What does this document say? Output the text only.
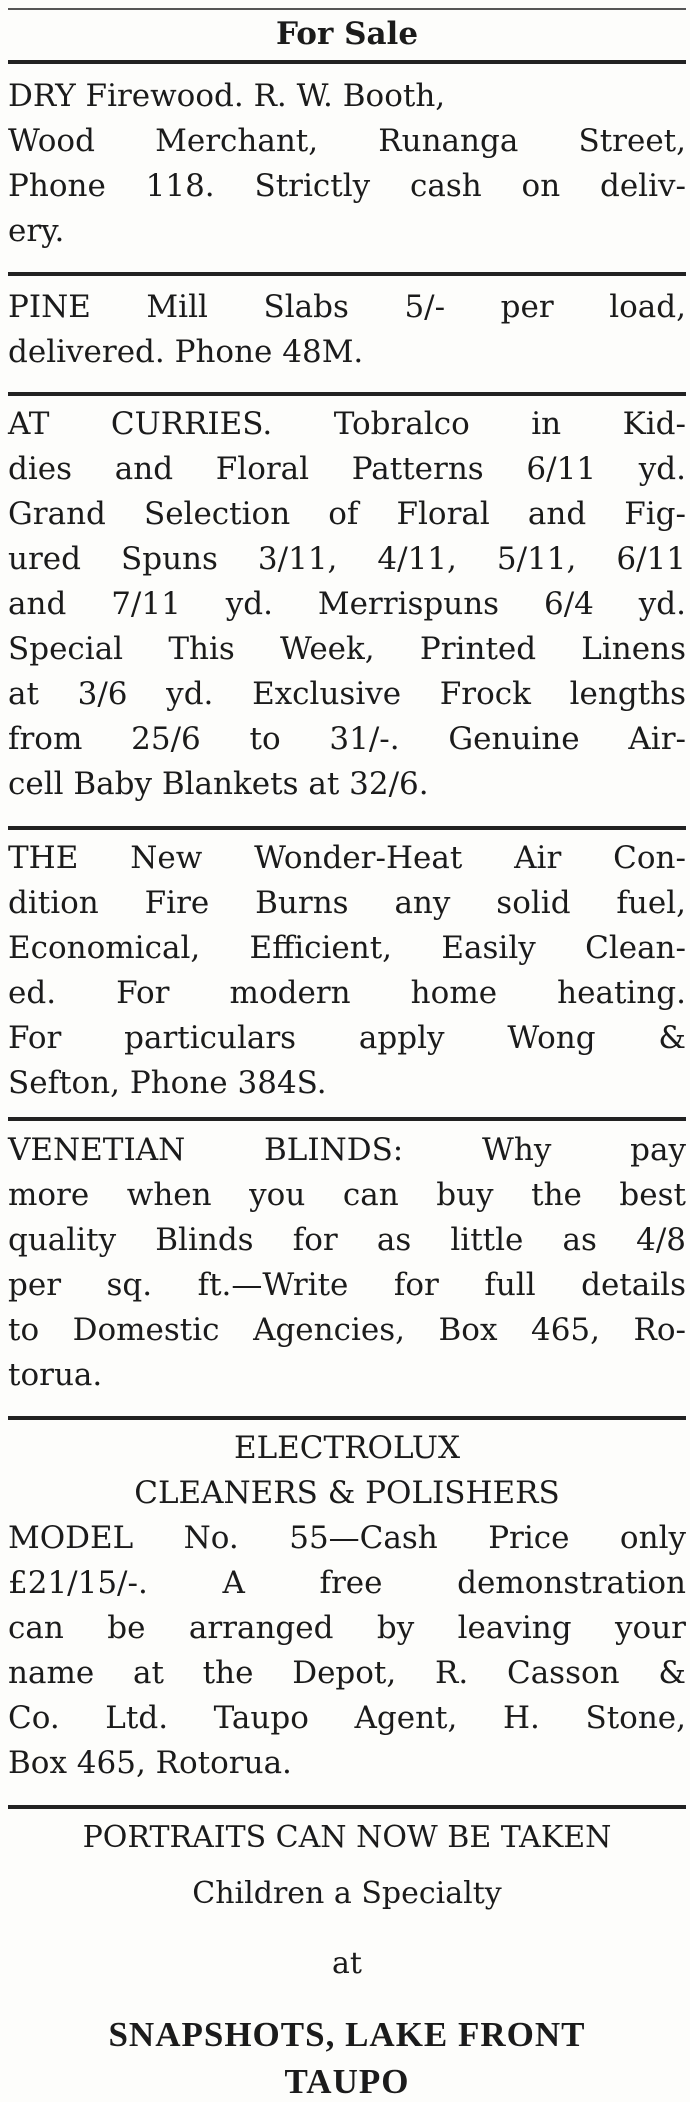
For Sale
DRY Firewood. R. W. Booth,
Wood Merchant, Runanga Street,
Phone 118. Strictly cash on deliv-
ery.
PINE Mill Slabs 5/- per load,
delivered. Phone 48M.
AT CURRIES. Tobralco in Kid-
dies and Floral Patterns 6/11 yd.
Grand Selection of Floral and Fig-
ured Spuns 3/11, 4/11, 5/11, 6/11
and 7/11 yd. Merrispuns 6/4 yd.
Special This Week, Printed Linens
at 3/6 yd. Exclusive Frock lengths
from 25/6 to 31/-. Genuine Air-
cell Baby Blankets at 32/6.
THE New Wonder-Heat Air Con-
dition Fire Burns any solid fuel,
Economical, Efficient, Easily Clean-
ed. For modern home heating.
For particulars apply Wong &
Sefton, Phone 384S.
VENETIAN BLINDS: Why pay
more when you can buy the best
quality Blinds for as little as 4/8
per sq. ft.—Write for full details
to Domestic Agencies, Box 465, Ro-
torua.
ELECTROLUX
CLEANERS & POLISHERS
MODEL No. 55—Cash Price only
£21/15/-. A free demonstration
can be arranged by leaving your
name at the Depot, R. Casson &
Co. Ltd. Taupo Agent, H. Stone,
Box 465, Rotorua.
PORTRAITS CAN NOW BE TAKEN
Children a Specialty
at
SNAPSHOTS, LAKE FRONT
TAUPO
